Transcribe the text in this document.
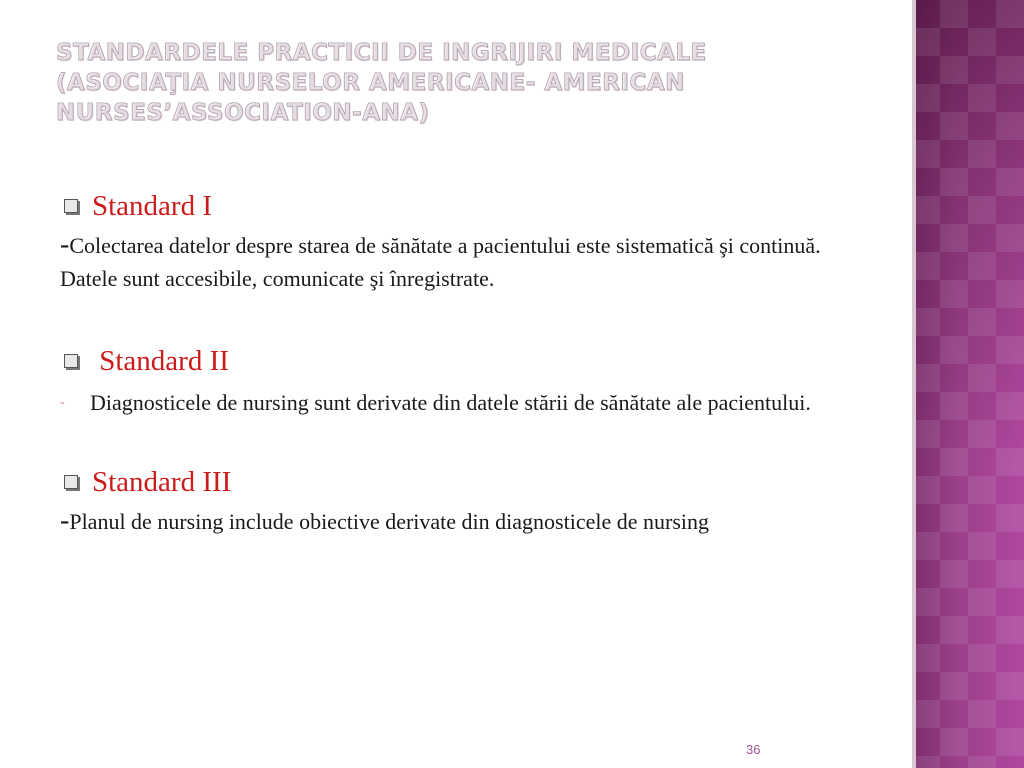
STANDARDELE PRACTICII DE INGRIJIRI MEDICALE
(ASOCIAŢIA NURSELOR AMERICANE- AMERICAN
NURSES’ASSOCIATION-ANA)
Standard I
-Colectarea datelor despre starea de sănătate a pacientului este sistematică şi continuă. Datele sunt accesibile, comunicate şi înregistrate.
Standard II
-	Diagnosticele de nursing sunt derivate din datele stării de sănătate ale pacientului.
Standard III
-Planul de nursing include obiective derivate din diagnosticele de nursing
36
